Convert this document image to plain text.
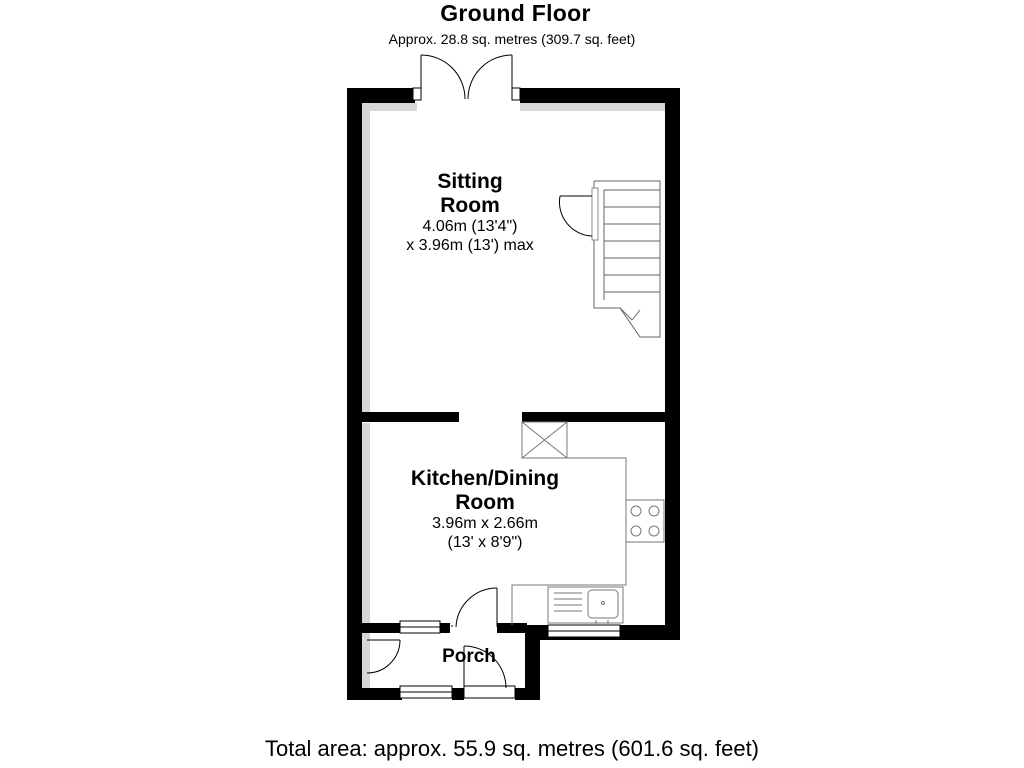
Ground Floor
Approx. 28.8 sq. metres (309.7 sq. feet)
Sitting
Room
4.06m (13'4")
x 3.96m (13') max
Kitchen/Dining
Room
3.96m x 2.66m
(13' x 8'9")
Porch
Total area: approx. 55.9 sq. metres (601.6 sq. feet)
